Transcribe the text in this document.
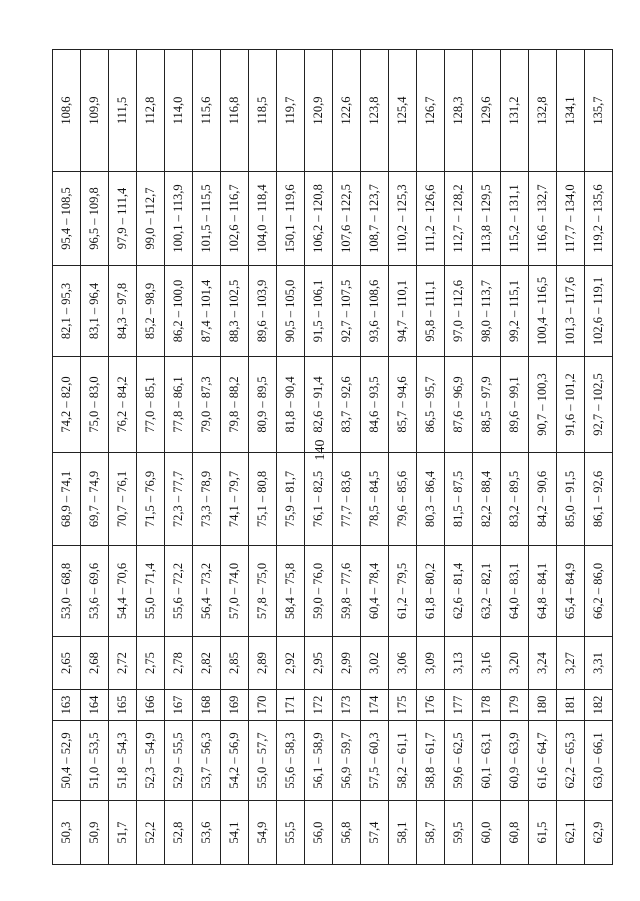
140
50,3	50,4 – 52,9	163	2,65	53,0 – 68,8	68,9 – 74,1	74,2 – 82,0	82,1 – 95,3	95,4 – 108,5	108,6
50,9	51,0 – 53,5	164	2,68	53,6 – 69,6	69,7 – 74,9	75,0 – 83,0	83,1 – 96,4	96,5 – 109,8	109,9
51,7	51,8 – 54,3	165	2,72	54,4 – 70,6	70,7 – 76,1	76,2 – 84,2	84,3 – 97,8	97,9 – 111,4	111,5
52,2	52,3 – 54,9	166	2,75	55,0 – 71,4	71,5 – 76,9	77,0 – 85,1	85,2 – 98,9	99,0 – 112,7	112,8
52,8	52,9 – 55,5	167	2,78	55,6 – 72,2	72,3 – 77,7	77,8 – 86,1	86,2 – 100,0	100,1 – 113,9	114,0
53,6	53,7 – 56,3	168	2,82	56,4 – 73,2	73,3 – 78,9	79,0 – 87,3	87,4 – 101,4	101,5 – 115,5	115,6
54,1	54,2 – 56,9	169	2,85	57,0 – 74,0	74,1 – 79,7	79,8 – 88,2	88,3 – 102,5	102,6 – 116,7	116,8
54,9	55,0 – 57,7	170	2,89	57,8 – 75,0	75,1 – 80,8	80,9 – 89,5	89,6 – 103,9	104,0 – 118,4	118,5
55,5	55,6 – 58,3	171	2,92	58,4 – 75,8	75,9 – 81,7	81,8 – 90,4	90,5 – 105,0	150,1 – 119,6	119,7
56,0	56,1 – 58,9	172	2,95	59,0 – 76,0	76,1 – 82,5	82,6 – 91,4	91,5 – 106,1	106,2 – 120,8	120,9
56,8	56,9 – 59,7	173	2,99	59,8 – 77,6	77,7 – 83,6	83,7 – 92,6	92,7 – 107,5	107,6 – 122,5	122,6
57,4	57,5 – 60,3	174	3,02	60,4 – 78,4	78,5 – 84,5	84,6 – 93,5	93,6 – 108,6	108,7 – 123,7	123,8
58,1	58,2 – 61,1	175	3,06	61,2 – 79,5	79,6 – 85,6	85,7 – 94,6	94,7 – 110,1	110,2 – 125,3	125,4
58,7	58,8 – 61,7	176	3,09	61,8 – 80,2	80,3 – 86,4	86,5 – 95,7	95,8 – 111,1	111,2 – 126,6	126,7
59,5	59,6 – 62,5	177	3,13	62,6 – 81,4	81,5 – 87,5	87,6 – 96,9	97,0 – 112,6	112,7 – 128,2	128,3
60,0	60,1 – 63,1	178	3,16	63,2 – 82,1	82,2 – 88,4	88,5 – 97,9	98,0 – 113,7	113,8 – 129,5	129,6
60,8	60,9 – 63,9	179	3,20	64,0 – 83,1	83,2 – 89,5	89,6 – 99,1	99,2 – 115,1	115,2 – 131,1	131,2
61,5	61,6 – 64,7	180	3,24	64,8 – 84,1	84,2 – 90,6	90,7 – 100,3	100,4 – 116,5	116,6 – 132,7	132,8
62,1	62,2 – 65,3	181	3,27	65,4 – 84,9	85,0 – 91,5	91,6 – 101,2	101,3 – 117,6	117,7 – 134,0	134,1
62,9	63,0 – 66,1	182	3,31	66,2 – 86,0	86,1 – 92,6	92,7 – 102,5	102,6 – 119,1	119,2 – 135,6	135,7
